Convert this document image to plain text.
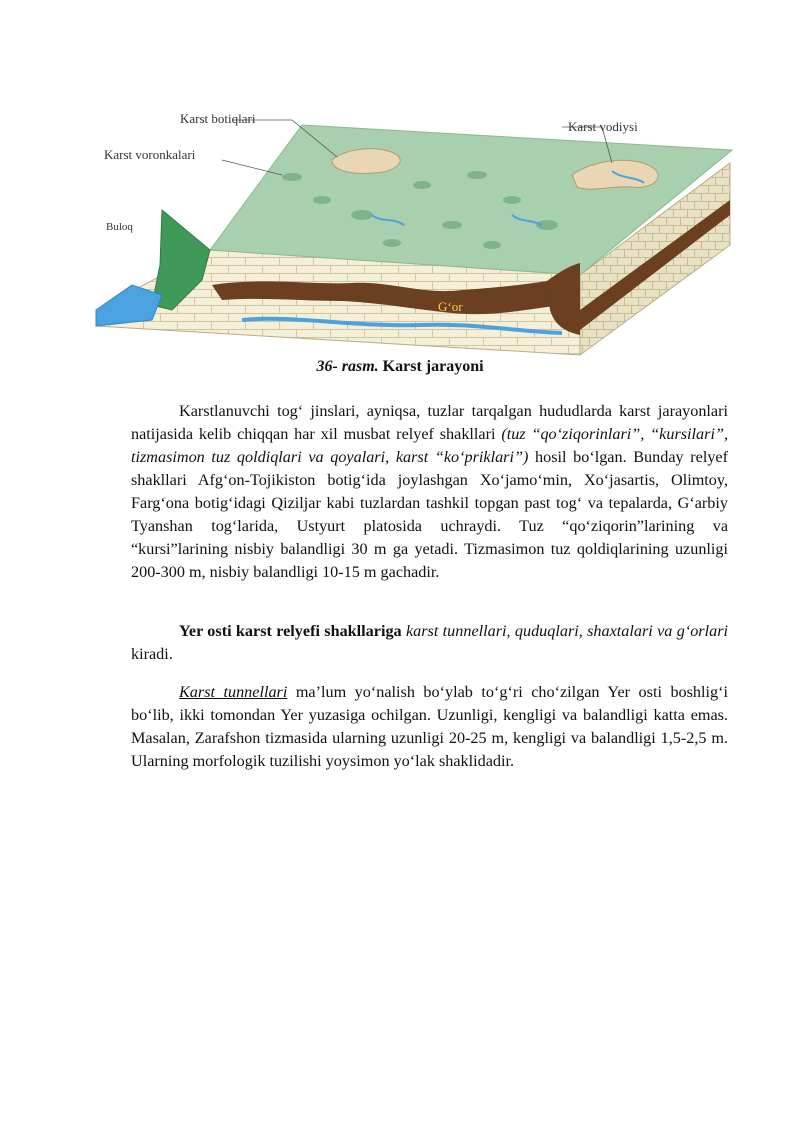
Karst botiqlari
Karst vodiysi
Karst voronkalari
Buloq
G‘or
36- rasm. Karst jarayoni

Karstlanuvchi tog‘ jinslari, ayniqsa, tuzlar tarqalgan hududlarda karst jarayonlari natijasida kelib chiqqan har xil musbat relyef shakllari (tuz “qo‘ziqorinlari”, “kursilari”, tizmasimon tuz qoldiqlari va qoyalari, karst “ko‘priklari”) hosil bo‘lgan. Bunday relyef shakllari Afg‘on-Tojikiston botig‘ida joylashgan Xo‘jamo‘min, Xo‘jasartis, Olimtoy, Farg‘ona botig‘idagi Qiziljar kabi tuzlardan tashkil topgan past tog‘ va tepalarda, G‘arbiy Tyanshan tog‘larida, Ustyurt platosida uchraydi. Tuz “qo‘ziqorin”larining va “kursi”larining nisbiy balandligi 30 m ga yetadi. Tizmasimon tuz qoldiqlarining uzunligi 200-300 m, nisbiy balandligi 10-15 m gachadir.

Yer osti karst relyefi shakllariga karst tunnellari, quduqlari, shaxtalari va g‘orlari kiradi.

Karst tunnellari ma’lum yo‘nalish bo‘ylab to‘g‘ri cho‘zilgan Yer osti boshlig‘i bo‘lib, ikki tomondan Yer yuzasiga ochilgan. Uzunligi, kengligi va balandligi katta emas. Masalan, Zarafshon tizmasida ularning uzunligi 20-25 m, kengligi va balandligi 1,5-2,5 m. Ularning morfologik tuzilishi yoysimon yo‘lak shaklidadir.
